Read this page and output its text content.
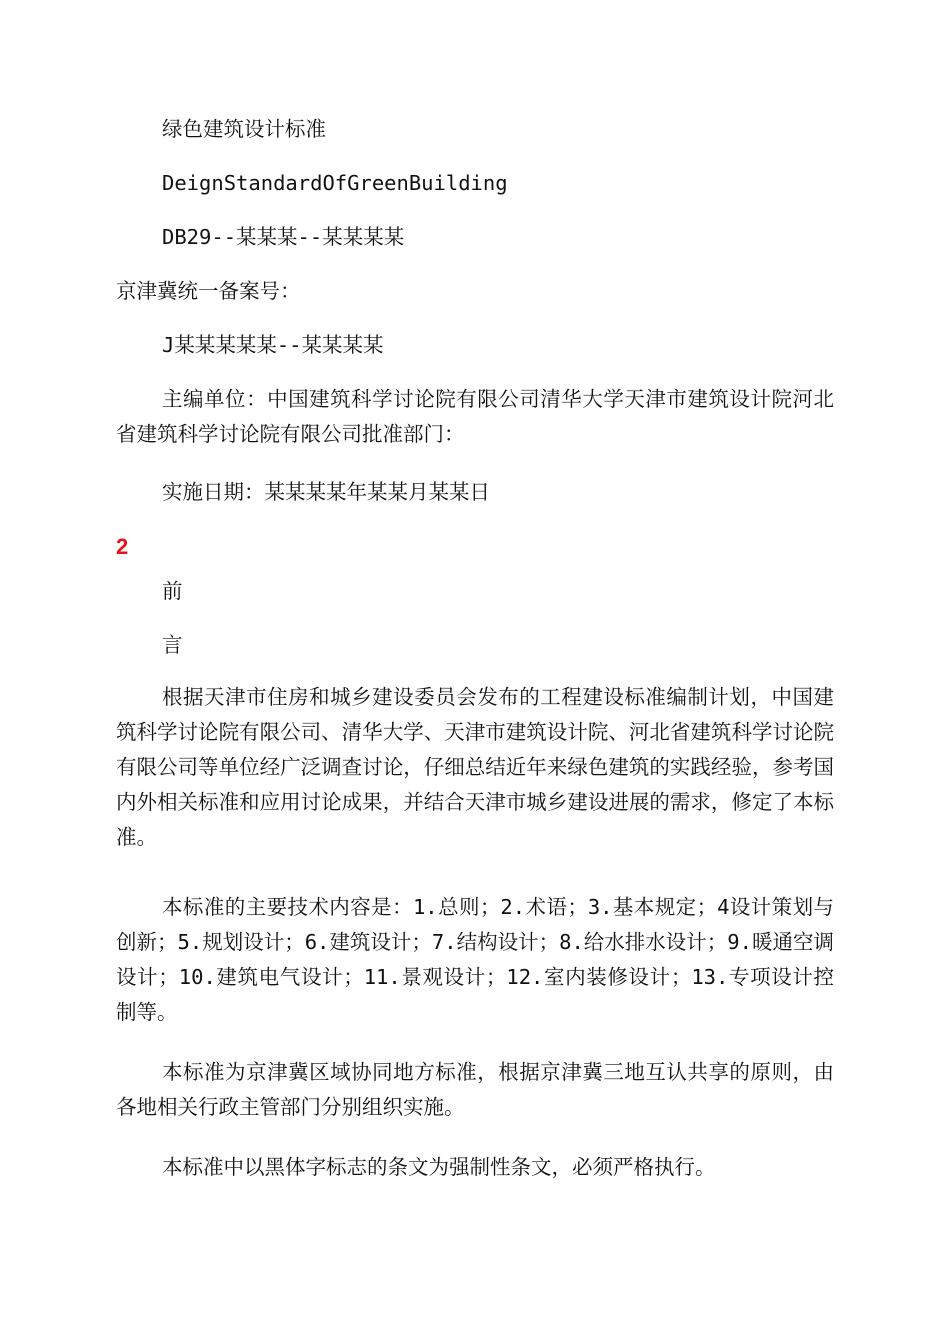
绿色建筑设计标准

DeignStandardOfGreenBuilding

DB29--某某某--某某某某

京津冀统一备案号：

J某某某某某--某某某某

主编单位：中国建筑科学讨论院有限公司清华大学天津市建筑设计院河北省建筑科学讨论院有限公司批准部门：

实施日期：某某某某年某某月某某日

2

前

言

根据天津市住房和城乡建设委员会发布的工程建设标准编制计划，中国建筑科学讨论院有限公司、清华大学、天津市建筑设计院、河北省建筑科学讨论院有限公司等单位经广泛调查讨论，仔细总结近年来绿色建筑的实践经验，参考国内外相关标准和应用讨论成果，并结合天津市城乡建设进展的需求，修定了本标准。

本标准的主要技术内容是：1.总则；2.术语；3.基本规定；4设计策划与创新；5.规划设计；6.建筑设计；7.结构设计；8.给水排水设计；9.暖通空调设计；10.建筑电气设计；11.景观设计；12.室内装修设计；13.专项设计控制等。

本标准为京津冀区域协同地方标准，根据京津冀三地互认共享的原则，由各地相关行政主管部门分别组织实施。

本标准中以黑体字标志的条文为强制性条文，必须严格执行。
